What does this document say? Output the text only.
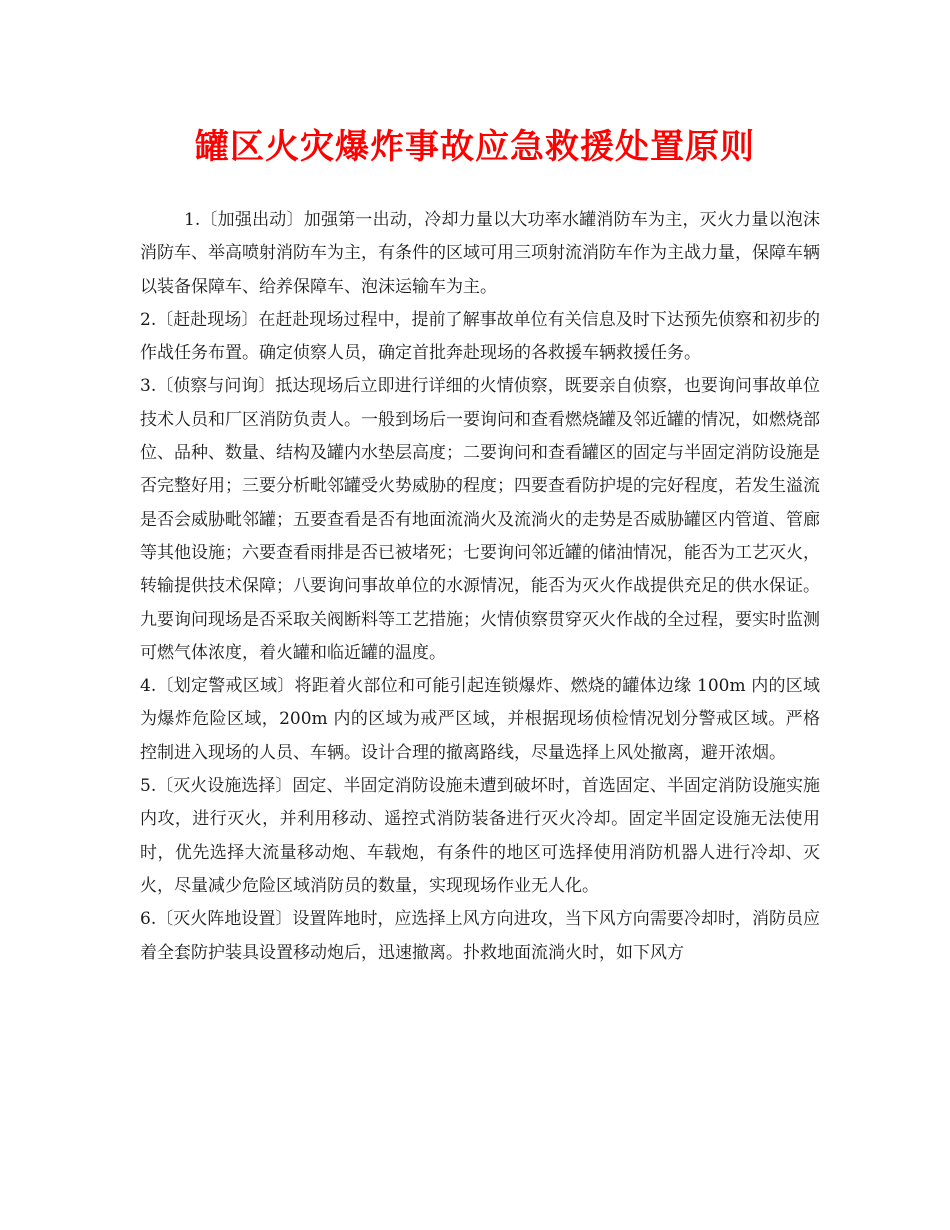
罐区火灾爆炸事故应急救援处置原则

1.〔加强出动〕加强第一出动，冷却力量以大功率水罐消防车为主，灭火力量以泡沫消防车、举高喷射消防车为主，有条件的区域可用三项射流消防车作为主战力量，保障车辆以装备保障车、给养保障车、泡沫运输车为主。

2.〔赶赴现场〕在赶赴现场过程中，提前了解事故单位有关信息及时下达预先侦察和初步的作战任务布置。确定侦察人员，确定首批奔赴现场的各救援车辆救援任务。

3.〔侦察与问询〕抵达现场后立即进行详细的火情侦察，既要亲自侦察，也要询问事故单位技术人员和厂区消防负责人。一般到场后一要询问和查看燃烧罐及邻近罐的情况，如燃烧部位、品种、数量、结构及罐内水垫层高度；二要询问和查看罐区的固定与半固定消防设施是否完整好用；三要分析毗邻罐受火势威胁的程度；四要查看防护堤的完好程度，若发生溢流是否会威胁毗邻罐；五要查看是否有地面流淌火及流淌火的走势是否威胁罐区内管道、管廊等其他设施；六要查看雨排是否已被堵死；七要询问邻近罐的储油情况，能否为工艺灭火，转输提供技术保障；八要询问事故单位的水源情况，能否为灭火作战提供充足的供水保证。九要询问现场是否采取关阀断料等工艺措施；火情侦察贯穿灭火作战的全过程，要实时监测可燃气体浓度，着火罐和临近罐的温度。

4.〔划定警戒区域〕将距着火部位和可能引起连锁爆炸、燃烧的罐体边缘 100m 内的区域为爆炸危险区域，200m 内的区域为戒严区域，并根据现场侦检情况划分警戒区域。严格控制进入现场的人员、车辆。设计合理的撤离路线，尽量选择上风处撤离，避开浓烟。

5.〔灭火设施选择〕固定、半固定消防设施未遭到破坏时，首选固定、半固定消防设施实施内攻，进行灭火，并利用移动、遥控式消防装备进行灭火冷却。固定半固定设施无法使用时，优先选择大流量移动炮、车载炮，有条件的地区可选择使用消防机器人进行冷却、灭火，尽量减少危险区域消防员的数量，实现现场作业无人化。

6.〔灭火阵地设置〕设置阵地时，应选择上风方向进攻，当下风方向需要冷却时，消防员应着全套防护装具设置移动炮后，迅速撤离。扑救地面流淌火时，如下风方
